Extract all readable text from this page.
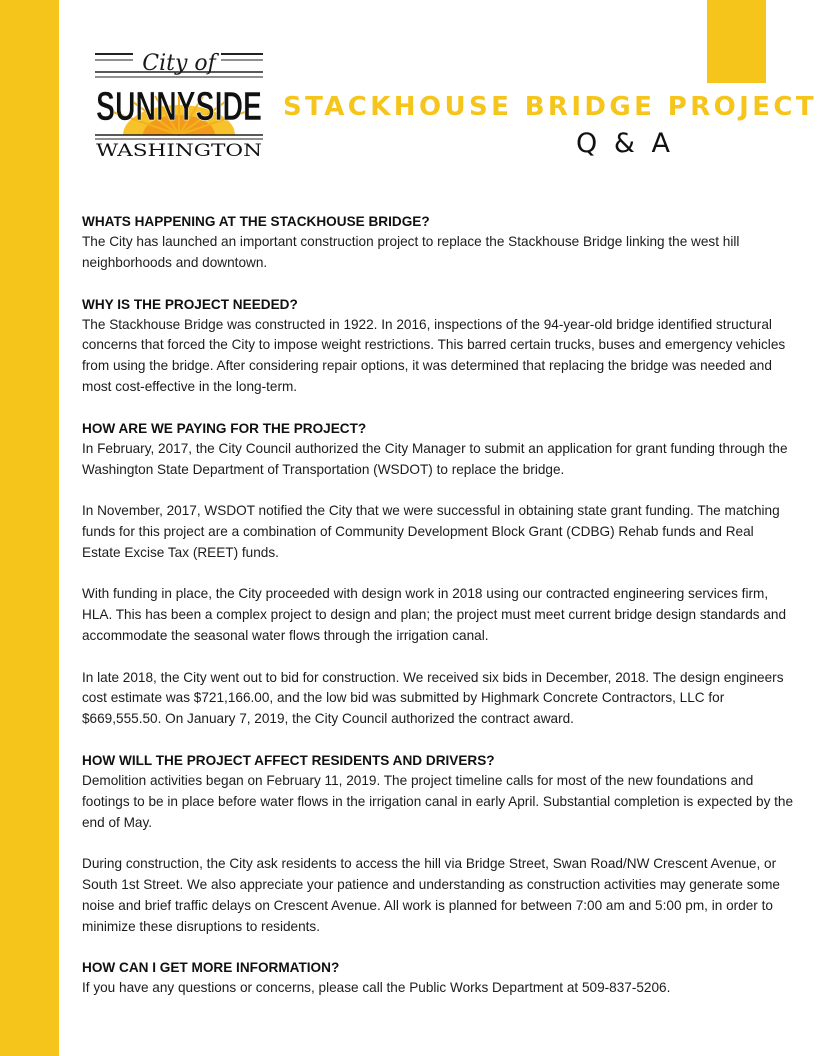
City of
SUNNYSIDE
WASHINGTON
STACKHOUSE BRIDGE PROJECT
Q & A

WHATS HAPPENING AT THE STACKHOUSE BRIDGE?

The City has launched an important construction project to replace the Stackhouse Bridge linking the west hill neighborhoods and downtown.

WHY IS THE PROJECT NEEDED?

The Stackhouse Bridge was constructed in 1922. In 2016, inspections of the 94-year-old bridge identified structural concerns that forced the City to impose weight restrictions. This barred certain trucks, buses and emergency vehicles from using the bridge. After considering repair options, it was determined that replacing the bridge was needed and most cost-effective in the long-term.

HOW ARE WE PAYING FOR THE PROJECT?

In February, 2017, the City Council authorized the City Manager to submit an application for grant funding through the Washington State Department of Transportation (WSDOT) to replace the bridge.

In November, 2017, WSDOT notified the City that we were successful in obtaining state grant funding. The matching funds for this project are a combination of Community Development Block Grant (CDBG) Rehab funds and Real Estate Excise Tax (REET) funds.

With funding in place, the City proceeded with design work in 2018 using our contracted engineering services firm, HLA. This has been a complex project to design and plan; the project must meet current bridge design standards and accommodate the seasonal water flows through the irrigation canal.

In late 2018, the City went out to bid for construction. We received six bids in December, 2018. The design engineers cost estimate was $721,166.00, and the low bid was submitted by Highmark Concrete Contractors, LLC for $669,555.50. On January 7, 2019, the City Council authorized the contract award.

HOW WILL THE PROJECT AFFECT RESIDENTS AND DRIVERS?

Demolition activities began on February 11, 2019. The project timeline calls for most of the new foundations and footings to be in place before water flows in the irrigation canal in early April. Substantial completion is expected by the end of May.

During construction, the City ask residents to access the hill via Bridge Street, Swan Road/NW Crescent Avenue, or South 1st Street. We also appreciate your patience and understanding as construction activities may generate some noise and brief traffic delays on Crescent Avenue. All work is planned for between 7:00 am and 5:00 pm, in order to minimize these disruptions to residents.

HOW CAN I GET MORE INFORMATION?

If you have any questions or concerns, please call the Public Works Department at 509-837-5206.
